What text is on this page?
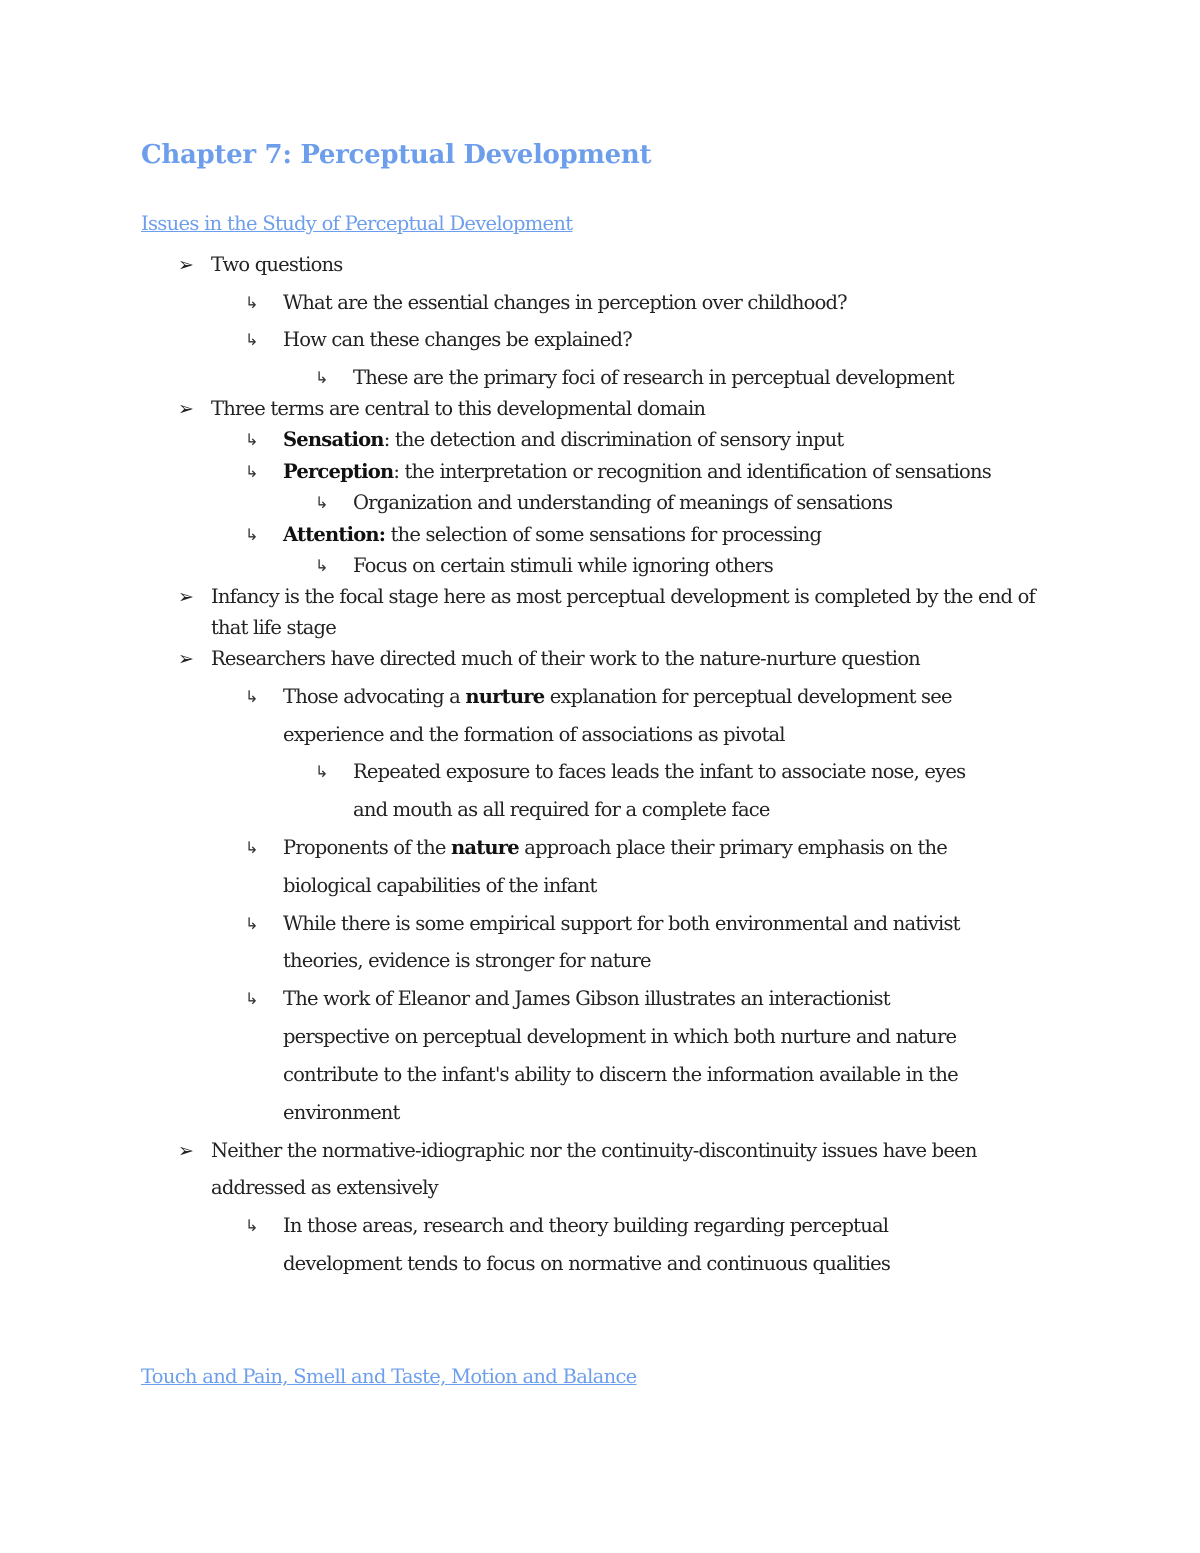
Chapter 7: Perceptual Development
Issues in the Study of Perceptual Development
➢ Two questions
↳ What are the essential changes in perception over childhood?
↳ How can these changes be explained?
↳ These are the primary foci of research in perceptual development
➢ Three terms are central to this developmental domain
↳ Sensation: the detection and discrimination of sensory input
↳ Perception: the interpretation or recognition and identification of sensations
↳ Organization and understanding of meanings of sensations
↳ Attention: the selection of some sensations for processing
↳ Focus on certain stimuli while ignoring others
➢ Infancy is the focal stage here as most perceptual development is completed by the end of
that life stage
➢ Researchers have directed much of their work to the nature-nurture question
↳ Those advocating a nurture explanation for perceptual development see
experience and the formation of associations as pivotal
↳ Repeated exposure to faces leads the infant to associate nose, eyes
and mouth as all required for a complete face
↳ Proponents of the nature approach place their primary emphasis on the
biological capabilities of the infant
↳ While there is some empirical support for both environmental and nativist
theories, evidence is stronger for nature
↳ The work of Eleanor and James Gibson illustrates an interactionist
perspective on perceptual development in which both nurture and nature
contribute to the infant's ability to discern the information available in the
environment
➢ Neither the normative-idiographic nor the continuity-discontinuity issues have been
addressed as extensively
↳ In those areas, research and theory building regarding perceptual
development tends to focus on normative and continuous qualities
Touch and Pain, Smell and Taste, Motion and Balance
